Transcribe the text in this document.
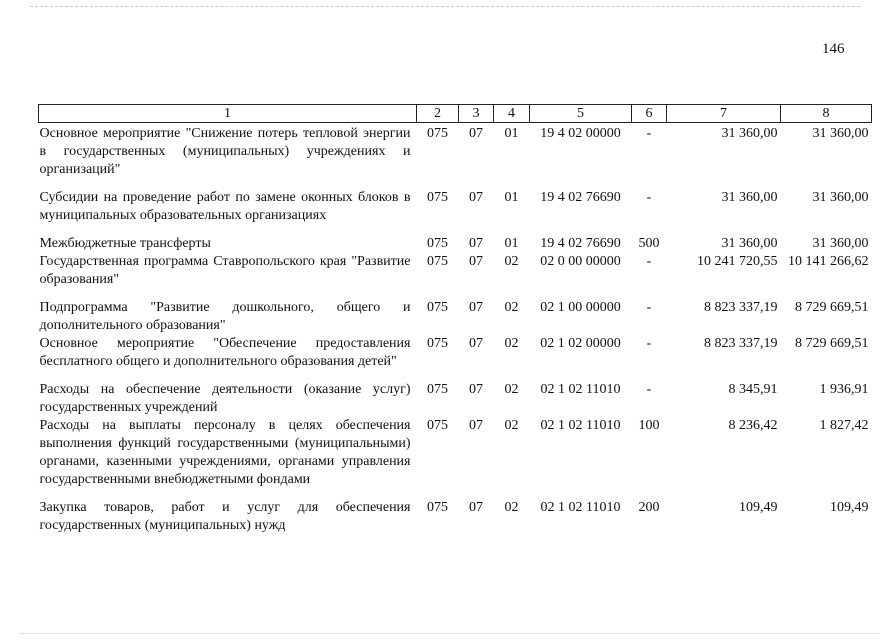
146
1	2	3	4	5	6	7	8
Основное мероприятие "Снижение потерь тепловой энергии в государственных (муниципальных) учреждениях и организаций"	075	07	01	19 4 02 00000	-	31 360,00	31 360,00
Субсидии на проведение работ по замене оконных блоков в муниципальных образовательных организациях	075	07	01	19 4 02 76690	-	31 360,00	31 360,00
Межбюджетные трансферты	075	07	01	19 4 02 76690	500	31 360,00	31 360,00
Государственная программа Ставропольского края "Развитие образования"	075	07	02	02 0 00 00000	-	10 241 720,55	10 141 266,62
Подпрограмма "Развитие дошкольного, общего и дополнительного образования"	075	07	02	02 1 00 00000	-	8 823 337,19	8 729 669,51
Основное мероприятие "Обеспечение предоставления бесплатного общего и дополнительного образования детей"	075	07	02	02 1 02 00000	-	8 823 337,19	8 729 669,51
Расходы на обеспечение деятельности (оказание услуг) государственных учреждений	075	07	02	02 1 02 11010	-	8 345,91	1 936,91
Расходы на выплаты персоналу в целях обеспечения выполнения функций государственными (муниципальными) органами, казенными учреждениями, органами управления государственными внебюджетными фондами	075	07	02	02 1 02 11010	100	8 236,42	1 827,42
Закупка товаров, работ и услуг для обеспечения государственных (муниципальных) нужд	075	07	02	02 1 02 11010	200	109,49	109,49
